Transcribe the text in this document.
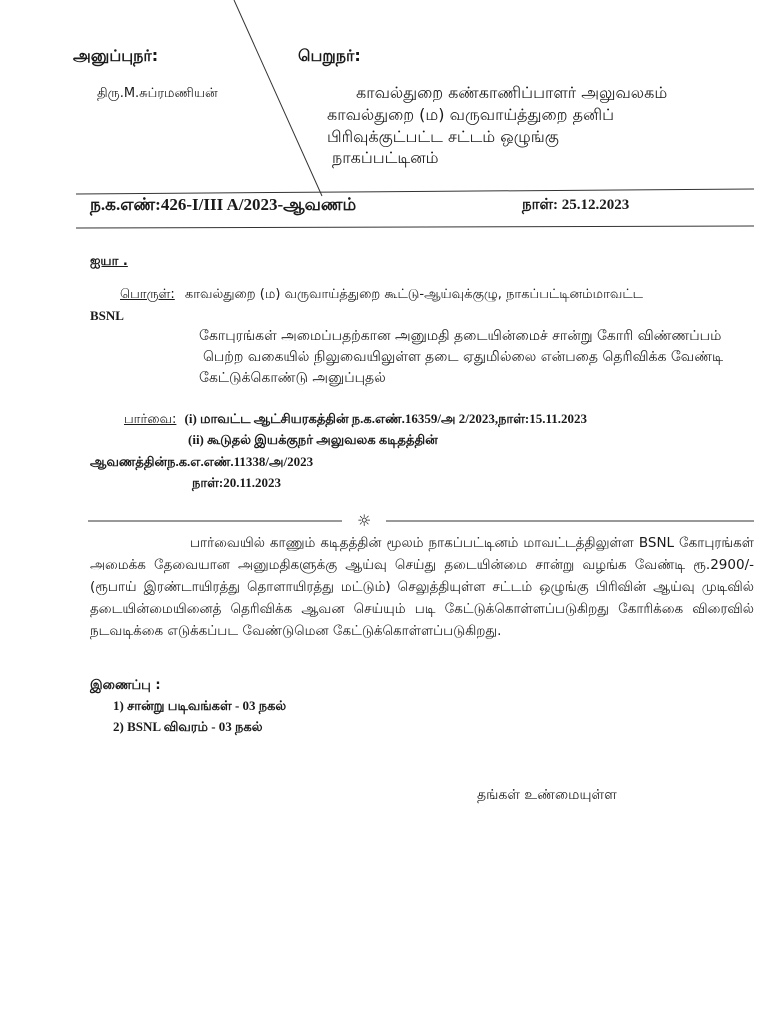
அனுப்புநர்:	பெறுநர்:
திரு.M.சுப்ரமணியன்	காவல்துறை கண்காணிப்பாளர் அலுவலகம்
காவல்துறை (ம) வருவாய்த்துறை தனிப்
பிரிவுக்குட்பட்ட சட்டம் ஒழுங்கு
நாகப்பட்டினம்
ந.க.எண்:426-I/III A/2023-ஆவணம்	நாள்: 25.12.2023
ஐயா .
பொருள்: காவல்துறை (ம) வருவாய்த்துறை கூட்டு-ஆய்வுக்குழு, நாகப்பட்டினம்மாவட்ட
BSNL
கோபுரங்கள் அமைப்பதற்கான அனுமதி தடையின்மைச் சான்று கோரி விண்ணப்பம்
பெற்ற வகையில் நிலுவையிலுள்ள தடை ஏதுமில்லை என்பதை தெரிவிக்க வேண்டி
கேட்டுக்கொண்டு அனுப்புதல்
பார்வை: (i) மாவட்ட ஆட்சியரகத்தின் ந.க.எண்.16359/அ 2/2023,நாள்:15.11.2023
(ii) கூடுதல் இயக்குநர் அலுவலக கடிதத்தின்
ஆவணத்தின்ந.க.எ.எண்.11338/அ/2023
நாள்:20.11.2023
☼
பார்வையில் காணும் கடிதத்தின் மூலம் நாகப்பட்டினம் மாவட்டத்திலுள்ள BSNL கோபுரங்கள் அமைக்க தேவையான அனுமதிகளுக்கு ஆய்வு செய்து தடையின்மை சான்று வழங்க வேண்டி ரூ.2900/- (ரூபாய் இரண்டாயிரத்து தொளாயிரத்து மட்டும்) செலுத்தியுள்ள சட்டம் ஒழுங்கு பிரிவின் ஆய்வு முடிவில் தடையின்மையினைத் தெரிவிக்க ஆவன செய்யும் படி கேட்டுக்கொள்ளப்படுகிறது கோரிக்கை விரைவில் நடவடிக்கை எடுக்கப்பட வேண்டுமென கேட்டுக்கொள்ளப்படுகிறது.
இணைப்பு :
1) சான்று படிவங்கள் - 03 நகல்
2) BSNL விவரம் - 03 நகல்
தங்கள் உண்மையுள்ள
